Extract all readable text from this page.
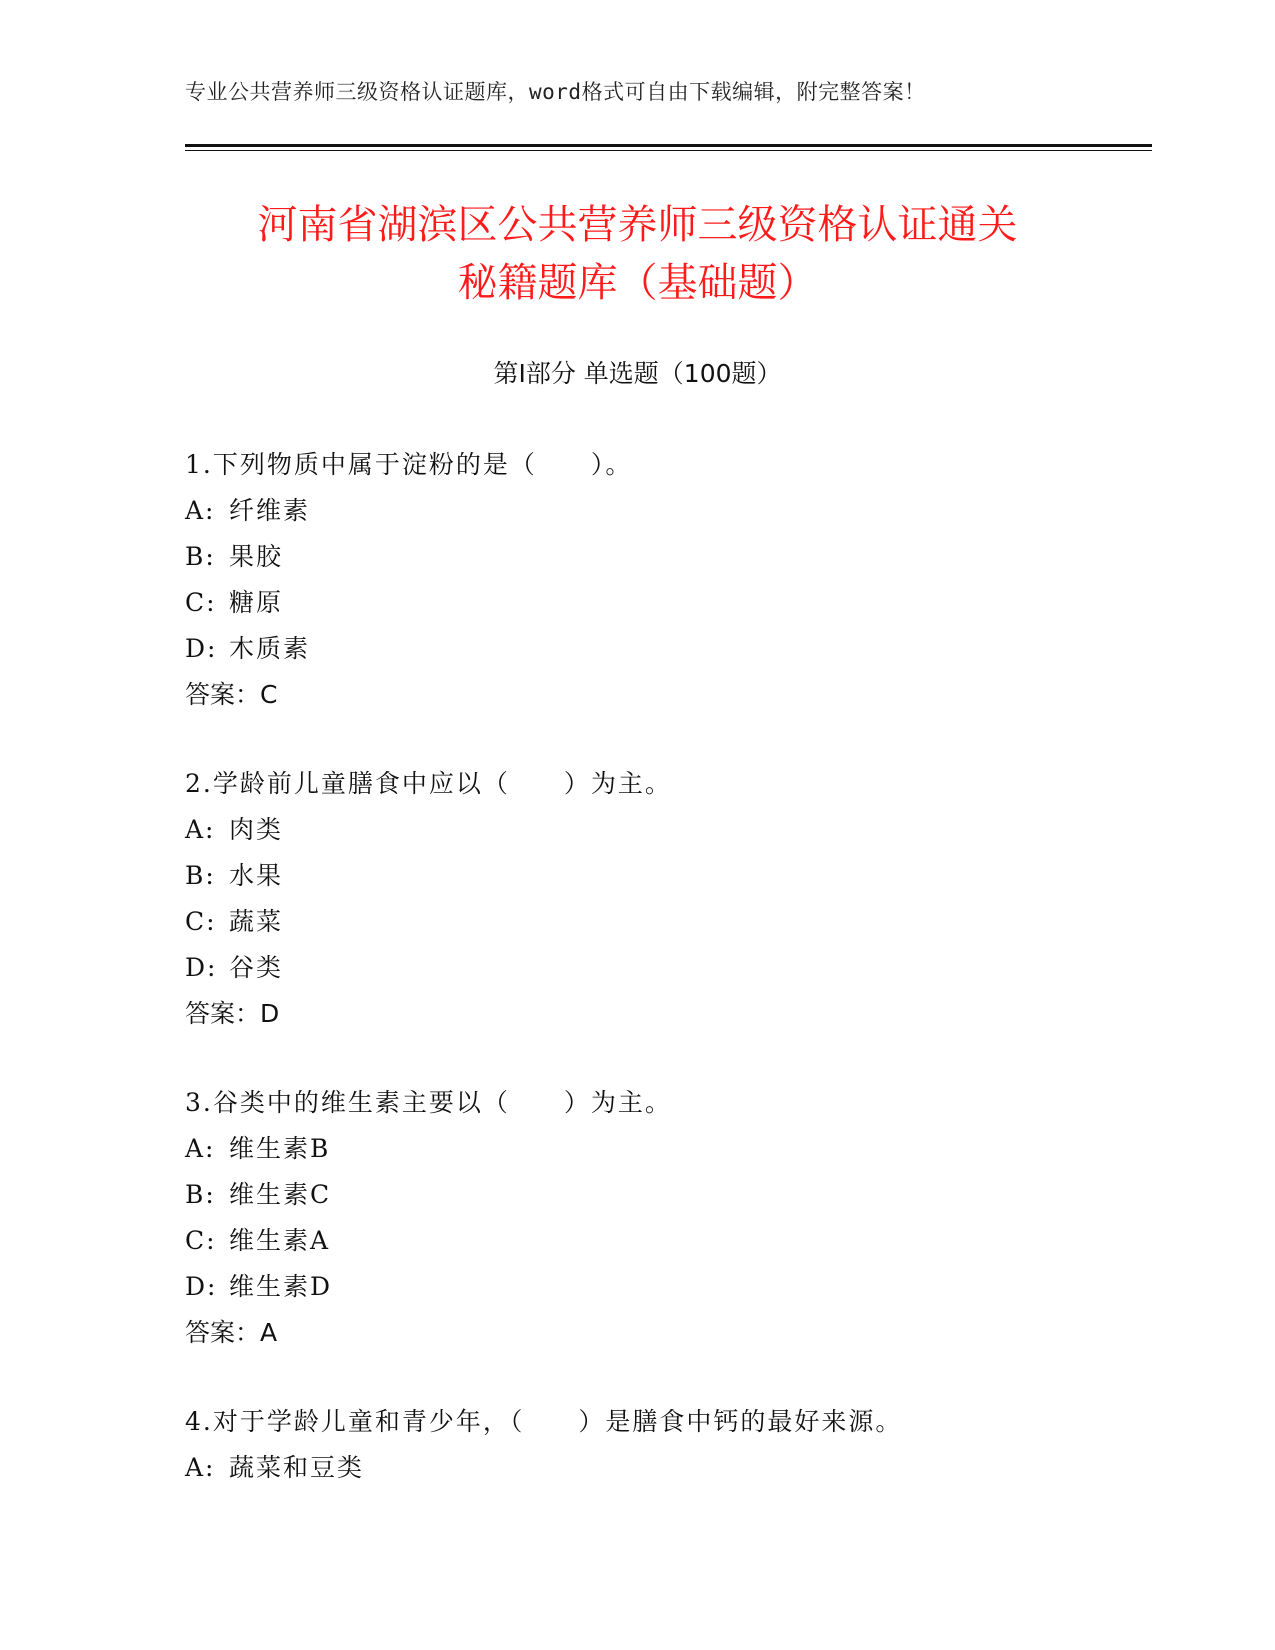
专业公共营养师三级资格认证题库，word格式可自由下载编辑，附完整答案！
河南省湖滨区公共营养师三级资格认证通关
秘籍题库（基础题）
第Ⅰ部分 单选题（100题）
1.下列物质中属于淀粉的是（　　）。
A: 纤维素
B: 果胶
C: 糖原
D: 木质素
答案：C
2.学龄前儿童膳食中应以（　　）为主。
A: 肉类
B: 水果
C: 蔬菜
D: 谷类
答案：D
3.谷类中的维生素主要以（　　）为主。
A: 维生素B
B: 维生素C
C: 维生素A
D: 维生素D
答案：A
4.对于学龄儿童和青少年，（　　）是膳食中钙的最好来源。
A: 蔬菜和豆类
